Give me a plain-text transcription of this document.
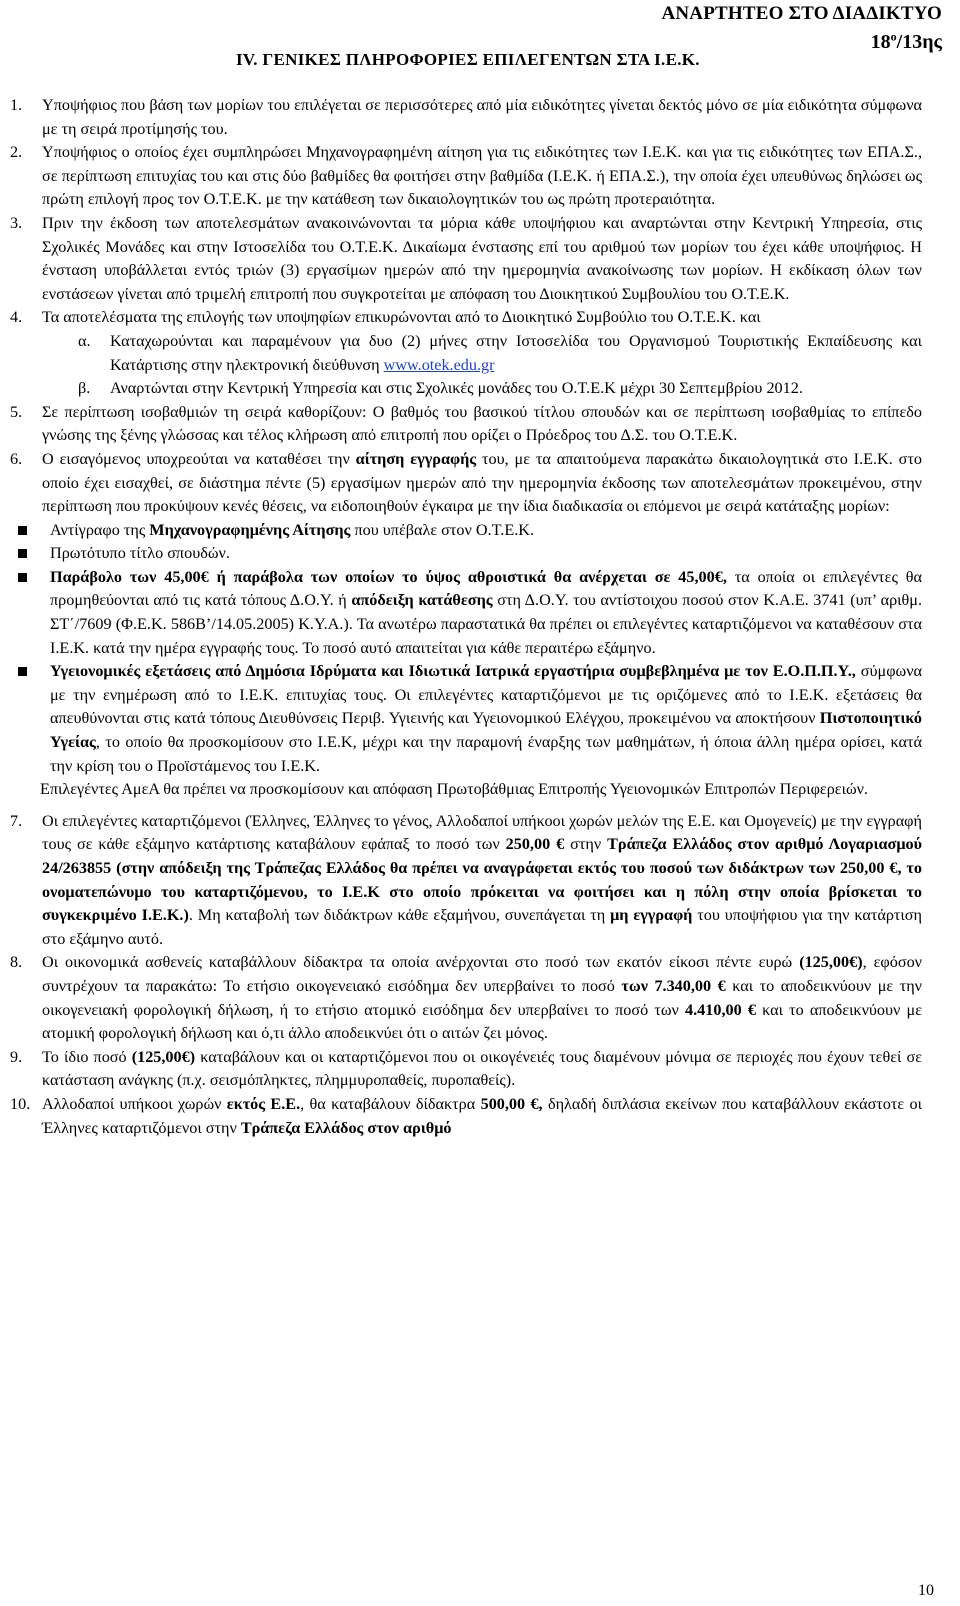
ΑΝΑΡΤΗΤΕΟ ΣΤΟ ΔΙΑΔΙΚΤΥΟ
$18^o/13\eta\varsigma$
IV. ΓΕΝΙΚΕΣ ΠΛΗΡΟΦΟΡΙΕΣ ΕΠΙΛΕΓΕΝΤΩΝ ΣΤΑ Ι.Ε.Κ.
1.	Υποψήφιος που βάση των μορίων του επιλέγεται σε περισσότερες από μία ειδικότητες γίνεται δεκτός μόνο σε μία ειδικότητα σύμφωνα με τη σειρά προτίμησής του.
2.	Υποψήφιος ο οποίος έχει συμπληρώσει Μηχανογραφημένη αίτηση για τις ειδικότητες των Ι.Ε.Κ. και για τις ειδικότητες των ΕΠΑ.Σ., σε περίπτωση επιτυχίας του και στις δύο βαθμίδες θα φοιτήσει στην βαθμίδα (Ι.Ε.Κ. ή ΕΠΑ.Σ.), την οποία έχει υπευθύνως δηλώσει ως πρώτη επιλογή προς τον Ο.Τ.Ε.Κ. με την κατάθεση των δικαιολογητικών του ως πρώτη προτεραιότητα.
3.	Πριν την έκδοση των αποτελεσμάτων ανακοινώνονται τα μόρια κάθε υποψήφιου και αναρτώνται στην Κεντρική Υπηρεσία, στις Σχολικές Μονάδες και στην Ιστοσελίδα του Ο.Τ.Ε.Κ. Δικαίωμα ένστασης επί του αριθμού των μορίων του έχει κάθε υποψήφιος. Η ένσταση υποβάλλεται εντός τριών (3) εργασίμων ημερών από την ημερομηνία ανακοίνωσης των μορίων. Η εκδίκαση όλων των ενστάσεων γίνεται από τριμελή επιτροπή που συγκροτείται με απόφαση του Διοικητικού Συμβουλίου του Ο.Τ.Ε.Κ.
4.	Τα αποτελέσματα της επιλογής των υποψηφίων επικυρώνονται από το Διοικητικό Συμβούλιο του Ο.Τ.Ε.Κ. και
α. Καταχωρούνται και παραμένουν για δυο (2) μήνες στην Ιστοσελίδα του Οργανισμού Τουριστικής Εκπαίδευσης και Κατάρτισης στην ηλεκτρονική διεύθυνση www.otek.edu.gr
β. Αναρτώνται στην Κεντρική Υπηρεσία και στις Σχολικές μονάδες του Ο.Τ.Ε.Κ μέχρι 30 Σεπτεμβρίου 2012.
5.	Σε περίπτωση ισοβαθμιών τη σειρά καθορίζουν: Ο βαθμός του βασικού τίτλου σπουδών και σε περίπτωση ισοβαθμίας το επίπεδο γνώσης της ξένης γλώσσας και τέλος κλήρωση από επιτροπή που ορίζει ο Πρόεδρος του Δ.Σ. του Ο.Τ.Ε.Κ.
6.	Ο εισαγόμενος υποχρεούται να καταθέσει την αίτηση εγγραφής του, με τα απαιτούμενα παρακάτω δικαιολογητικά στο Ι.Ε.Κ. στο οποίο έχει εισαχθεί, σε διάστημα πέντε (5) εργασίμων ημερών από την ημερομηνία έκδοσης των αποτελεσμάτων προκειμένου, στην περίπτωση που προκύψουν κενές θέσεις, να ειδοποιηθούν έγκαιρα με την ίδια διαδικασία οι επόμενοι με σειρά κατάταξης μορίων:
Αντίγραφο της Μηχανογραφημένης Αίτησης που υπέβαλε στον Ο.Τ.Ε.Κ.
Πρωτότυπο τίτλο σπουδών.
Παράβολο των 45,00€ ή παράβολα των οποίων το ύψος αθροιστικά θα ανέρχεται σε 45,00€, τα οποία οι επιλεγέντες θα προμηθεύονται από τις κατά τόπους Δ.Ο.Υ. ή απόδειξη κατάθεσης στη Δ.Ο.Υ. του αντίστοιχου ποσού στον Κ.Α.Ε. 3741 (υπ’ αριθμ. ΣΤ΄/7609 (Φ.Ε.Κ. 586Β’/14.05.2005) Κ.Υ.Α.). Τα ανωτέρω παραστατικά θα πρέπει οι επιλεγέντες καταρτιζόμενοι να καταθέσουν στα Ι.Ε.Κ. κατά την ημέρα εγγραφής τους. Το ποσό αυτό απαιτείται για κάθε περαιτέρω εξάμηνο.
Υγειονομικές εξετάσεις από Δημόσια Ιδρύματα και Ιδιωτικά Ιατρικά εργαστήρια συμβεβλημένα με τον Ε.Ο.Π.Π.Υ., σύμφωνα με την ενημέρωση από το Ι.Ε.Κ. επιτυχίας τους. Οι επιλεγέντες καταρτιζόμενοι με τις οριζόμενες από το Ι.Ε.Κ. εξετάσεις θα απευθύνονται στις κατά τόπους Διευθύνσεις Περιβ. Υγιεινής και Υγειονομικού Ελέγχου, προκειμένου να αποκτήσουν Πιστοποιητικό Υγείας, το οποίο θα προσκομίσουν στο Ι.Ε.Κ, μέχρι και την παραμονή έναρξης των μαθημάτων, ή όποια άλλη ημέρα ορίσει, κατά την κρίση του ο Προϊστάμενος του Ι.Ε.Κ.
Επιλεγέντες ΑμεΑ θα πρέπει να προσκομίσουν και απόφαση Πρωτοβάθμιας Επιτροπής Υγειονομικών Επιτροπών Περιφερειών.
7.	Οι επιλεγέντες καταρτιζόμενοι (Έλληνες, Έλληνες το γένος, Αλλοδαποί υπήκοοι χωρών μελών της Ε.Ε. και Ομογενείς) με την εγγραφή τους σε κάθε εξάμηνο κατάρτισης καταβάλουν εφάπαξ το ποσό των 250,00 € στην Τράπεζα Ελλάδος στον αριθμό Λογαριασμού 24/263855 (στην απόδειξη της Τράπεζας Ελλάδος θα πρέπει να αναγράφεται εκτός του ποσού των διδάκτρων των 250,00 €, το ονοματεπώνυμο του καταρτιζόμενου, το Ι.Ε.Κ στο οποίο πρόκειται να φοιτήσει και η πόλη στην οποία βρίσκεται το συγκεκριμένο Ι.Ε.Κ.). Μη καταβολή των διδάκτρων κάθε εξαμήνου, συνεπάγεται τη μη εγγραφή του υποψήφιου για την κατάρτιση στο εξάμηνο αυτό.
8.	Οι οικονομικά ασθενείς καταβάλλουν δίδακτρα τα οποία ανέρχονται στο ποσό των εκατόν είκοσι πέντε ευρώ (125,00€), εφόσον συντρέχουν τα παρακάτω: Το ετήσιο οικογενειακό εισόδημα δεν υπερβαίνει το ποσό των 7.340,00 € και το αποδεικνύουν με την οικογενειακή φορολογική δήλωση, ή το ετήσιο ατομικό εισόδημα δεν υπερβαίνει το ποσό των 4.410,00 € και το αποδεικνύουν με ατομική φορολογική δήλωση και ό,τι άλλο αποδεικνύει ότι ο αιτών ζει μόνος.
9.	Το ίδιο ποσό (125,00€) καταβάλουν και οι καταρτιζόμενοι που οι οικογένειές τους διαμένουν μόνιμα σε περιοχές που έχουν τεθεί σε κατάσταση ανάγκης (π.χ. σεισμόπληκτες, πλημμυροπαθείς, πυροπαθείς).
10. Αλλοδαποί υπήκοοι χωρών εκτός Ε.Ε., θα καταβάλουν δίδακτρα 500,00 €, δηλαδή διπλάσια εκείνων που καταβάλλουν εκάστοτε οι Έλληνες καταρτιζόμενοι στην Τράπεζα Ελλάδος στον αριθμό
10
